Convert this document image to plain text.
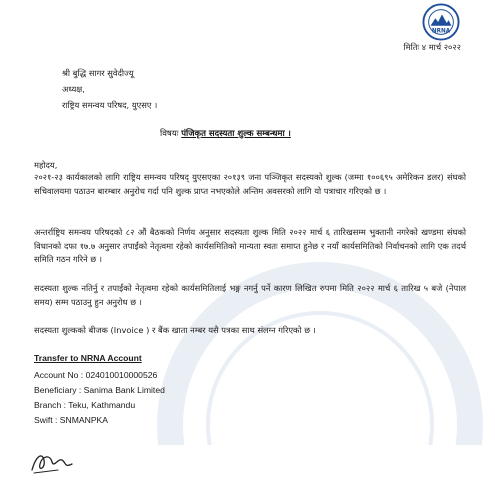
NRNA
मितिः ४ मार्च २०२२
श्री बुद्धि सागर सुवेदीज्यू
अध्यक्ष,
राष्ट्रिय समन्वय परिषद, युएसए ।
विषयः पंजिकृत सदस्यता शुल्क सम्बन्धमा ।
महोदय,
२०२१-२३ कार्यकालको लागि राष्ट्रिय समन्वय परिषद् युएसएका २०१३९ जना पञ्जिकृत सदस्यको शुल्क (जम्मा १००६९५ अमेरिकन डलर) संघको सचिवालयमा पठाउन बारम्बार अनुरोध गर्दा पनि शुल्क प्राप्त नभएकोले अन्तिम अवसरको लागि यो पत्राचार गरिएको छ ।
अन्तर्राष्ट्रिय समन्वय परिषदको ८२ औं बैठकको निर्णय अनुसार सदस्यता शुल्क मिति २०२२ मार्च ६ तारिखसम्म भुक्तानी नगरेको खण्डमा संघको विधानको दफा १७.७ अनुसार तपाईंको नेतृत्वमा रहेको कार्यसमितिको मान्यता स्वतः समाप्त हुनेछ र नयाँ कार्यसमितिको निर्वाचनको लागि एक तदर्थ समिति गठन गरिने छ ।
सदस्यता शुल्क नतिर्नु र तपाईंको नेतृत्वमा रहेको कार्यसमितिलाई भङ्ग नगर्नु पर्ने कारण लिखित रुपमा मिति २०२२ मार्च ६ तारिख ५ बजे (नेपाल समय) सम्म पठाउनु हुन अनुरोध छ ।
सदस्यता शुल्कको बीजक (Invoice ) र बैंक खाता नम्बर यसै पत्रका साथ संलग्न गरिएको छ ।
Transfer to NRNA Account
Account No : 024010010000526
Beneficiary : Sanima Bank Limited
Branch : Teku, Kathmandu
Swift : SNMANPKA
